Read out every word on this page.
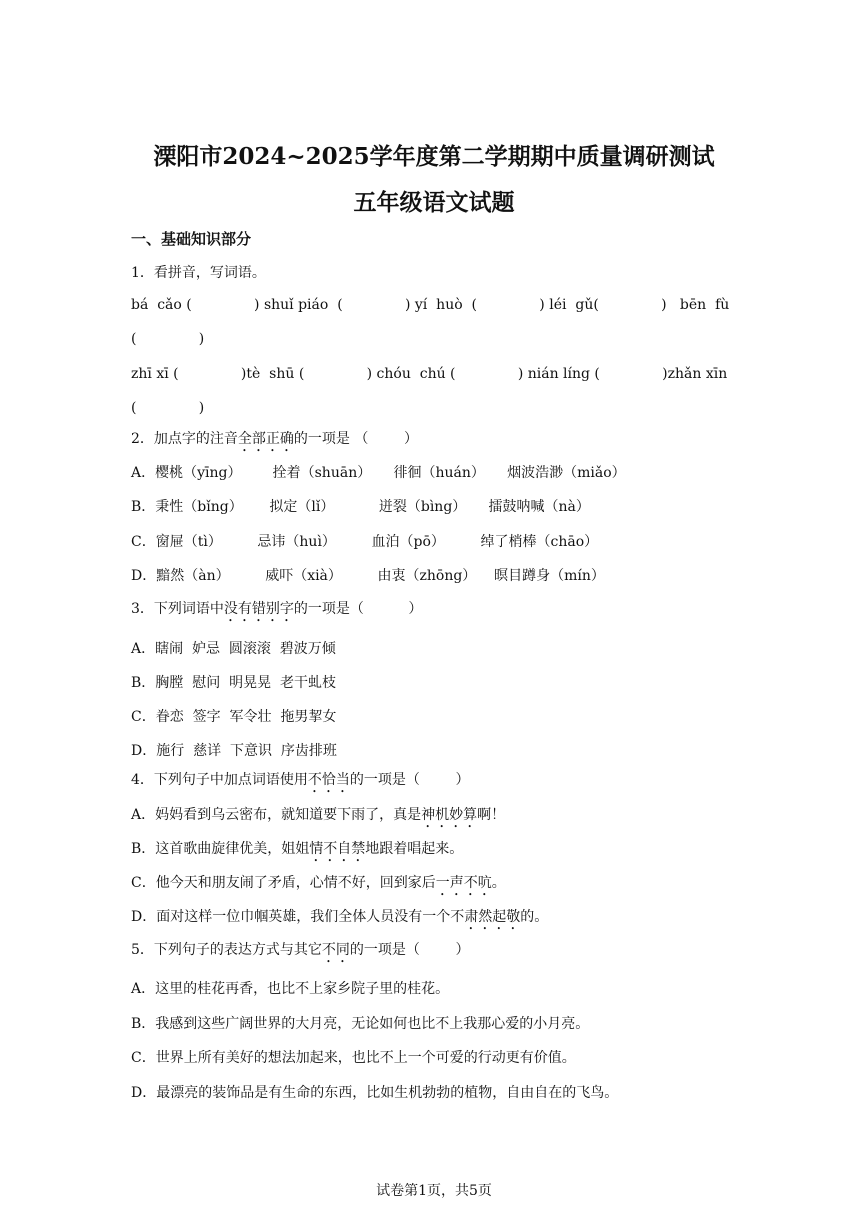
溧阳市2024~2025学年度第二学期期中质量调研测试
五年级语文试题
一、基础知识部分
1．看拼音，写词语。
bá  cǎo (              ) shuǐ piáo  (              ) yí  huò  (              ) léi  gǔ(              )   bēn  fù
(              )
zhī xī (              )tè  shū (              ) chóu  chú (              ) nián líng (              )zhǎn xīn
(              )
2．加点字的注音全部正确的一项是 （        ）
A．樱桃（yīng）       拴着（shuān）     徘徊（huán）     烟波浩渺（miǎo）
B．秉性（bǐng）      拟定（lǐ）          迸裂（bìng）     擂鼓呐喊（nà）
C．窗屉（tì）        忌讳（huì）        血泊（pō）        绰了梢棒（chāo）
D．黯然（àn）        威吓（xià）        由衷（zhōng）    暝目蹲身（mín）
3．下列词语中没有错别字的一项是（          ）
A．瞎闹  妒忌  圆滚滚  碧波万倾
B．胸膛  慰问  明晃晃  老干虬枝
C．眷恋  签字  军令壮  拖男挈女
D．施行  慈详  下意识  序齿排班
4．下列句子中加点词语使用不恰当的一项是（        ）
A．妈妈看到乌云密布，就知道要下雨了，真是神机妙算啊！
B．这首歌曲旋律优美，姐姐情不自禁地跟着唱起来。
C．他今天和朋友闹了矛盾，心情不好，回到家后一声不吭。
D．面对这样一位巾帼英雄，我们全体人员没有一个不肃然起敬的。
5．下列句子的表达方式与其它不同的一项是（        ）
A．这里的桂花再香，也比不上家乡院子里的桂花。
B．我感到这些广阔世界的大月亮，无论如何也比不上我那心爱的小月亮。
C．世界上所有美好的想法加起来，也比不上一个可爱的行动更有价值。
D．最漂亮的装饰品是有生命的东西，比如生机勃勃的植物，自由自在的飞鸟。
试卷第1页，共5页
